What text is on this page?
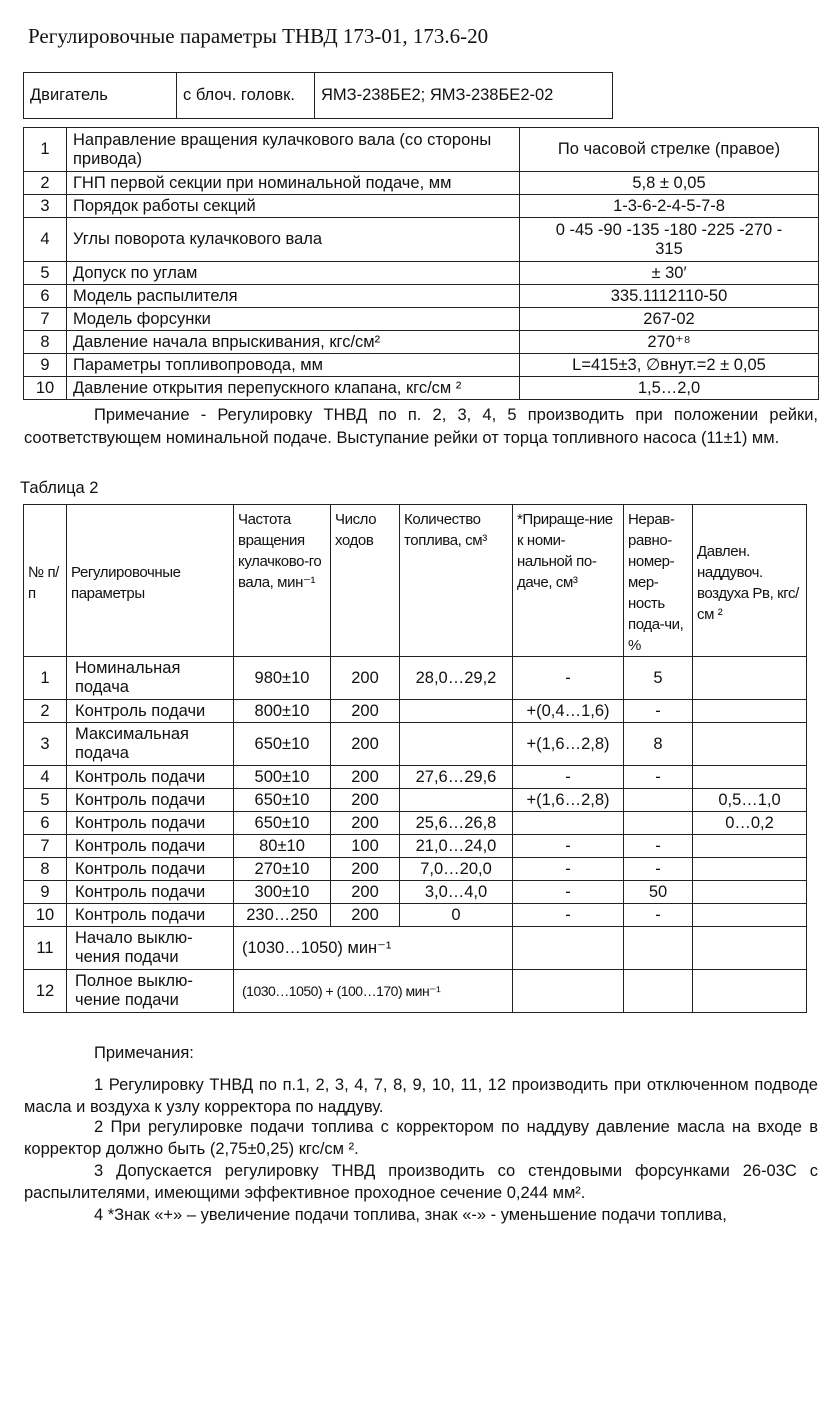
Регулировочные параметры ТНВД 173-01, 173.6-20
Двигатель	с блоч. головк.	ЯМЗ-238БЕ2; ЯМЗ-238БЕ2-02
1	Направление вращения кулачкового вала (со стороны привода)	По часовой стрелке (правое)
2	ГНП первой секции при номинальной подаче, мм	5,8 ± 0,05
3	Порядок работы секций	1-3-6-2-4-5-7-8
4	Углы поворота кулачкового вала	0 -45 -90 -135 -180 -225 -270 - 315
5	Допуск по углам	± 30′
6	Модель распылителя	335.1112110-50
7	Модель форсунки	267-02
8	Давление начала впрыскивания, кгс/см²	270⁺⁸
9	Параметры топливопровода, мм	L=415±3, ∅внут.=2 ± 0,05
10	Давление открытия перепускного клапана, кгс/см ²	1,5…2,0
Примечание - Регулировку ТНВД по п. 2, 3, 4, 5 производить при положении рейки, соответствующем номинальной подаче. Выступание рейки от торца топливного насоса (11±1) мм.
Таблица 2
№ п/п	Регулировочные параметры	Частота вращения кулачково-го вала, мин⁻¹	Число ходов	Количество топлива, см³	*Прираще-ние к номи-нальной по-даче, см³	Нерав-равно-номер-мер-ность пода-чи, %	Давлен. наддувоч. воздуха Рв, кгс/см ²
1	Номинальная подача	980±10	200	28,0…29,2	-	5	
2	Контроль подачи	800±10	200		+(0,4…1,6)	-	
3	Максимальная подача	650±10	200		+(1,6…2,8)	8	
4	Контроль подачи	500±10	200	27,6…29,6	-	-	
5	Контроль подачи	650±10	200		+(1,6…2,8)		0,5…1,0
6	Контроль подачи	650±10	200	25,6…26,8			0…0,2
7	Контроль подачи	80±10	100	21,0…24,0	-	-	
8	Контроль подачи	270±10	200	7,0…20,0	-	-	
9	Контроль подачи	300±10	200	3,0…4,0	-	50	
10	Контроль подачи	230…250	200	0	-	-	
11	Начало выклю-чения подачи	(1030…1050) мин⁻¹					
12	Полное выклю-чение подачи	(1030…1050) + (100…170) мин⁻¹					
Примечания:
1 Регулировку ТНВД по п.1, 2, 3, 4, 7, 8, 9, 10, 11, 12 производить при отключенном подводе масла и воздуха к узлу корректора по наддуву.
2 При регулировке подачи топлива с корректором по наддуву давление масла на входе в корректор должно быть (2,75±0,25) кгс/см ².
3 Допускается регулировку ТНВД производить со стендовыми форсунками 26-03С с распылителями, имеющими эффективное проходное сечение 0,244 мм².
4 *Знак «+» – увеличение подачи топлива, знак «-» - уменьшение подачи топлива,
